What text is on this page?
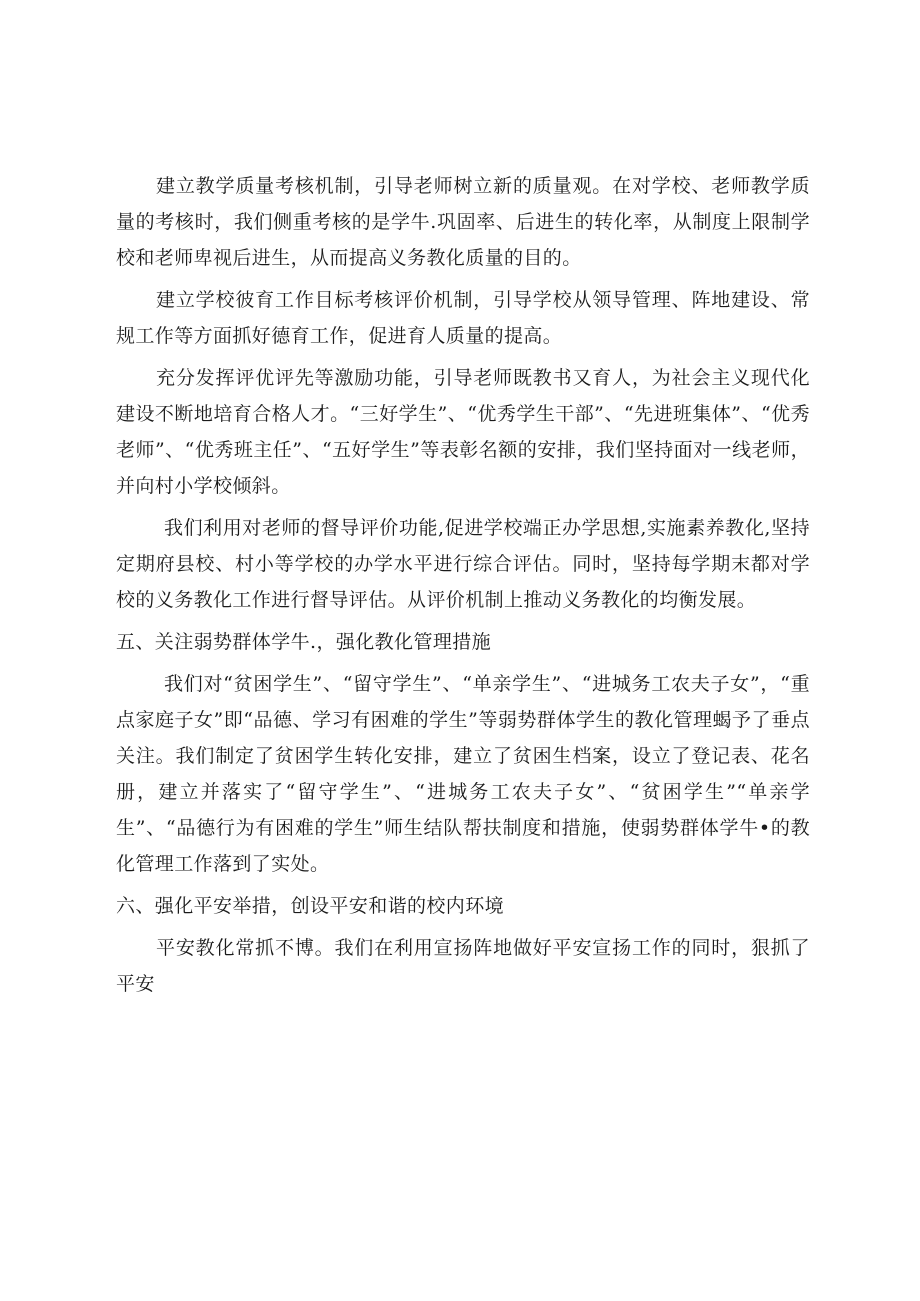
建立教学质量考核机制，引导老师树立新的质量观。在对学校、老师教学质量的考核时，我们侧重考核的是学牛.巩固率、后进生的转化率，从制度上限制学校和老师卑视后进生，从而提高义务教化质量的目的。

建立学校彼育工作目标考核评价机制，引导学校从领导管理、阵地建设、常规工作等方面抓好德育工作，促进育人质量的提高。

充分发挥评优评先等激励功能，引导老师既教书又育人，为社会主义现代化建设不断地培育合格人才。“三好学生”、“优秀学生干部”、“先进班集体”、“优秀老师”、“优秀班主任”、“五好学生”等表彰名额的安排，我们坚持面对一线老师，并向村小学校倾斜。

我们利用对老师的督导评价功能,促进学校端正办学思想,实施素养教化,坚持定期府县校、村小等学校的办学水平进行综合评估。同时，坚持每学期末都对学校的义务教化工作进行督导评估。从评价机制上推动义务教化的均衡发展。

五、关注弱势群体学牛.，强化教化管理措施

我们对“贫困学生”、“留守学生”、“单亲学生”、“进城务工农夫子女”，“重点家庭子女”即“品德、学习有困难的学生”等弱势群体学生的教化管理蝎予了垂点关注。我们制定了贫困学生转化安排，建立了贫困生档案，设立了登记表、花名册，建立并落实了“留守学生”、“进城务工农夫子女”、“贫困学生”“单亲学生”、“品德行为有困难的学生”师生结队帮扶制度和措施，使弱势群体学牛•的教化管理工作落到了实处。

六、强化平安举措，创设平安和谐的校内环境

平安教化常抓不博。我们在利用宣扬阵地做好平安宣扬工作的同时，狠抓了平安
